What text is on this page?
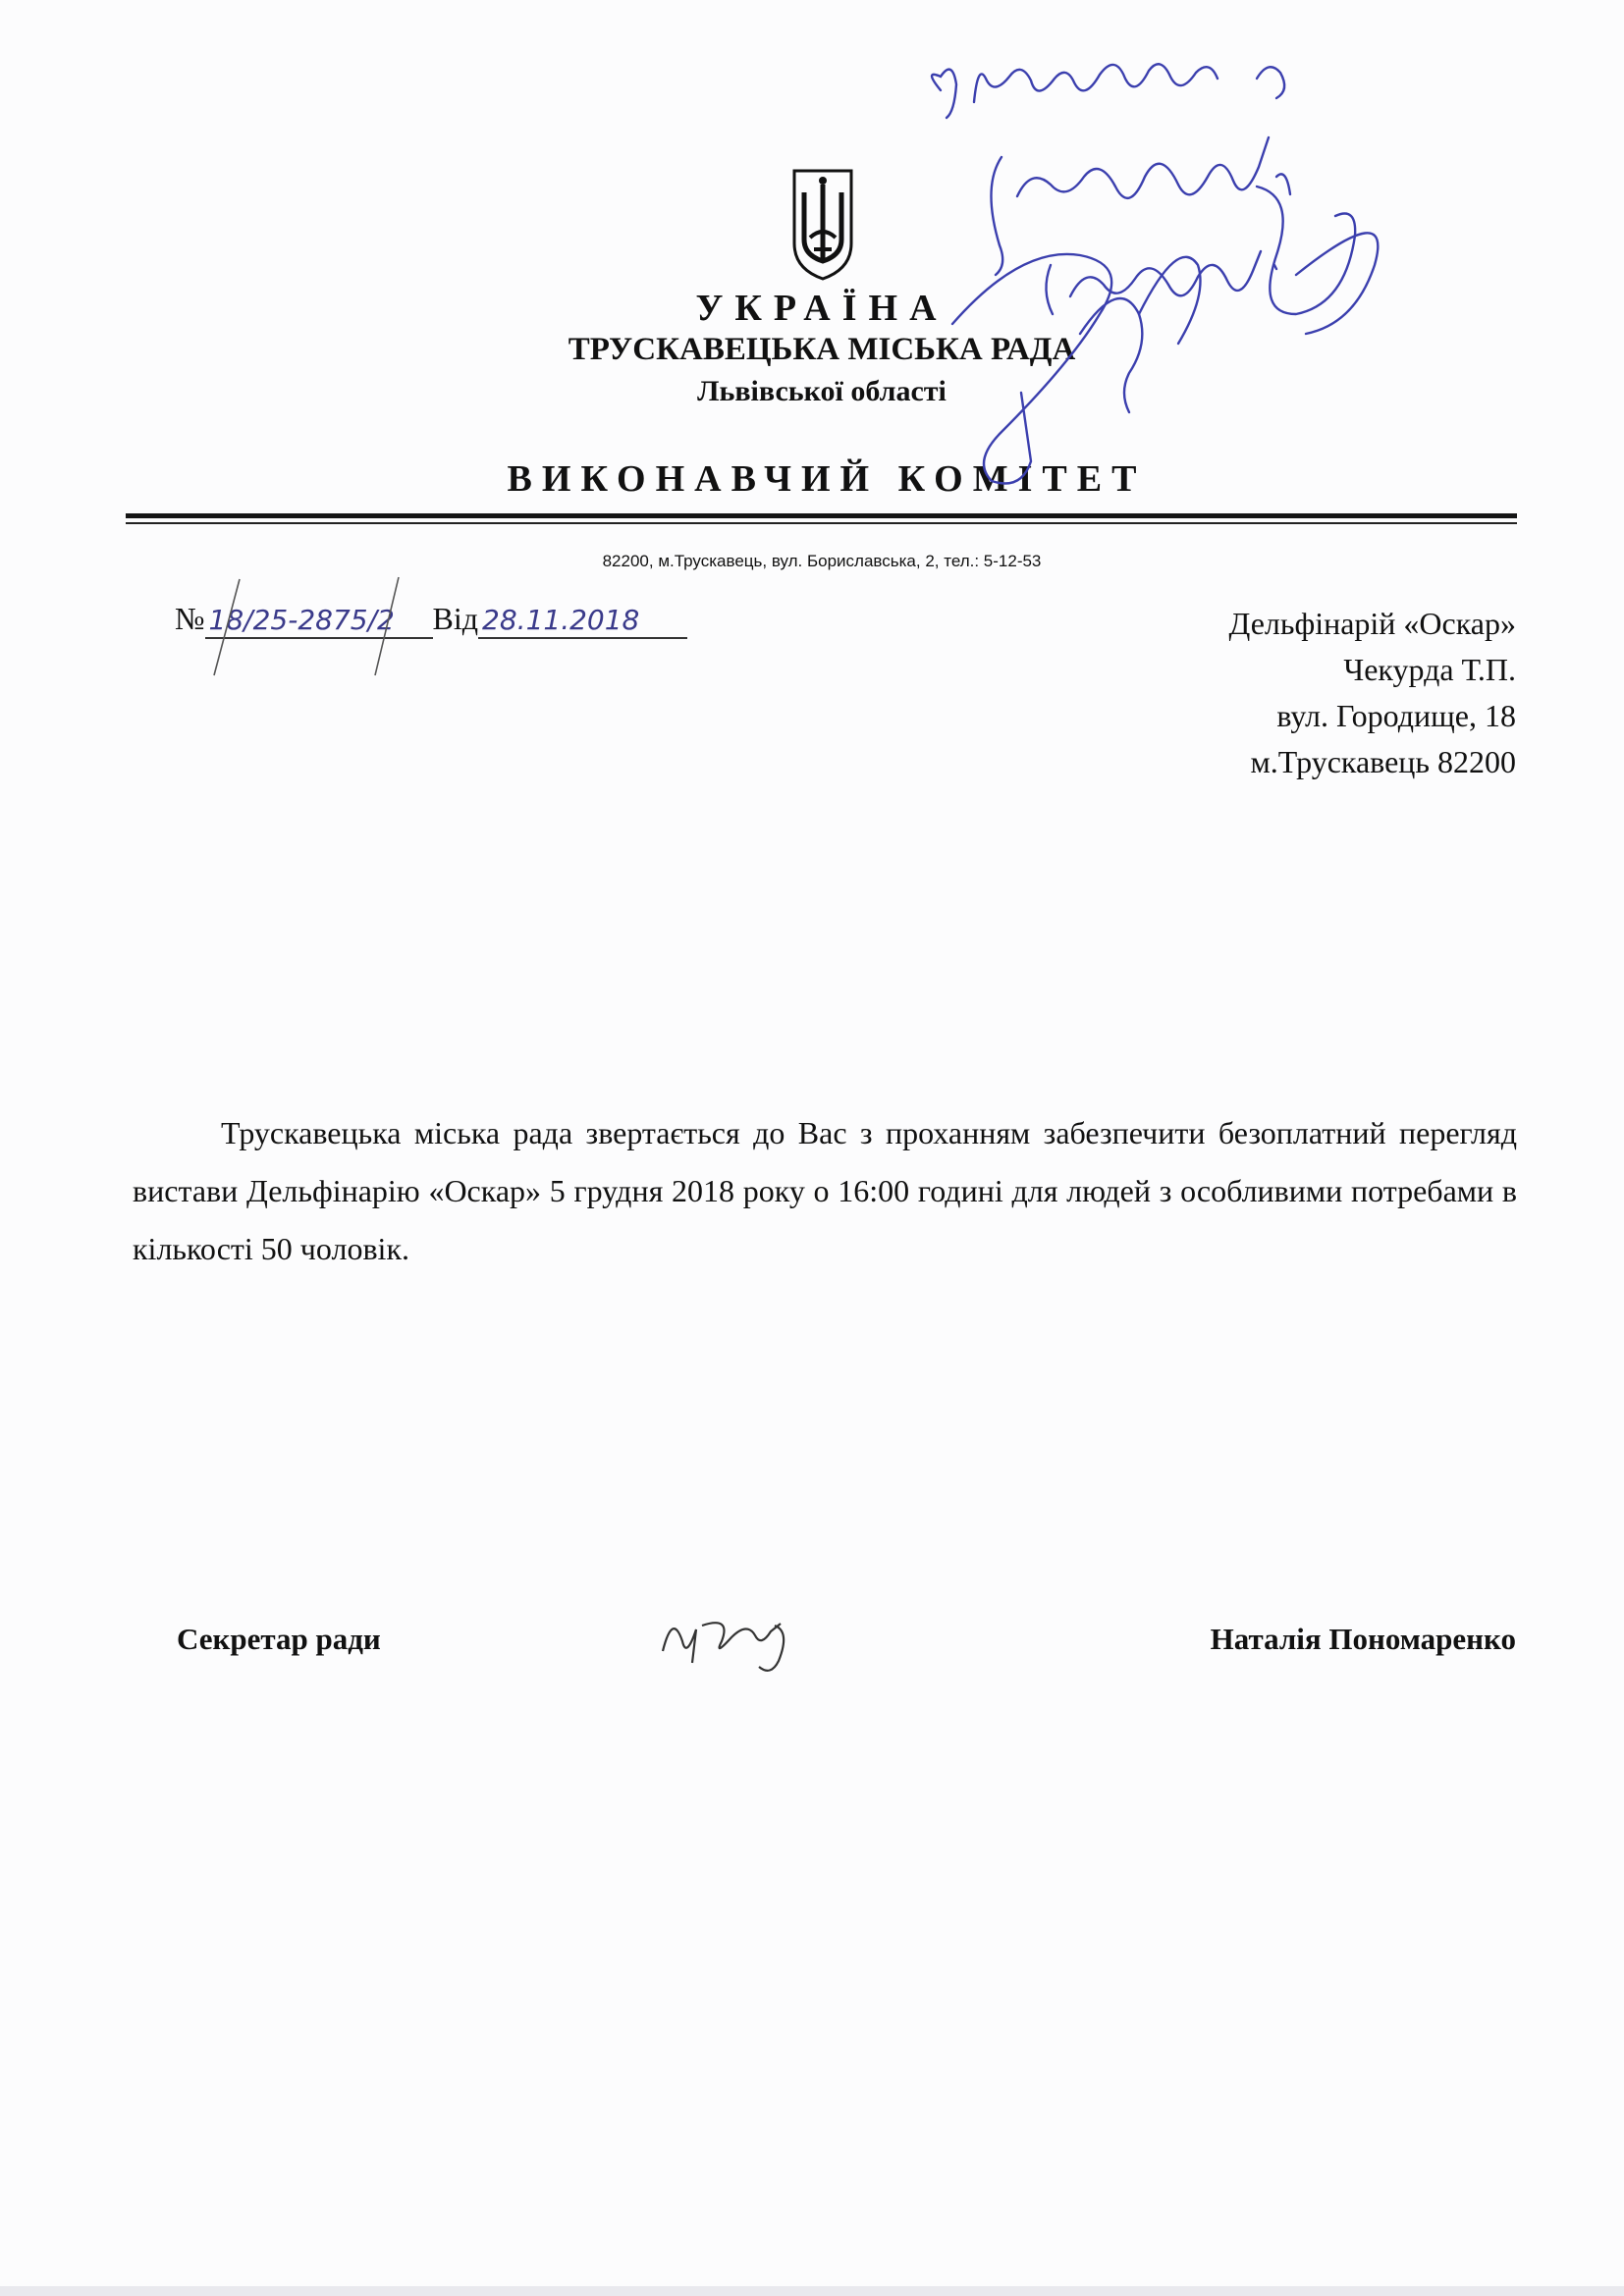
УКРАЇНА
ТРУСКАВЕЦЬКА МІСЬКА РАДА
Львівської області
ВИКОНАВЧИЙ КОМІТЕТ
82200, м.Трускавець, вул. Бориславська, 2, тел.: 5-12-53
№ 18/25-2875/2 Від 28.11.2018	Дельфінарій «Оскар»
Чекурда Т.П.
вул. Городище, 18
м.Трускавець 82200

Трускавецька міська рада звертається до Вас з проханням забезпечити безоплатний перегляд вистави Дельфінарію «Оскар» 5 грудня 2018 року о 16:00 годині для людей з особливими потребами в кількості 50 чоловік.

Секретар ради	Наталія Пономаренко
